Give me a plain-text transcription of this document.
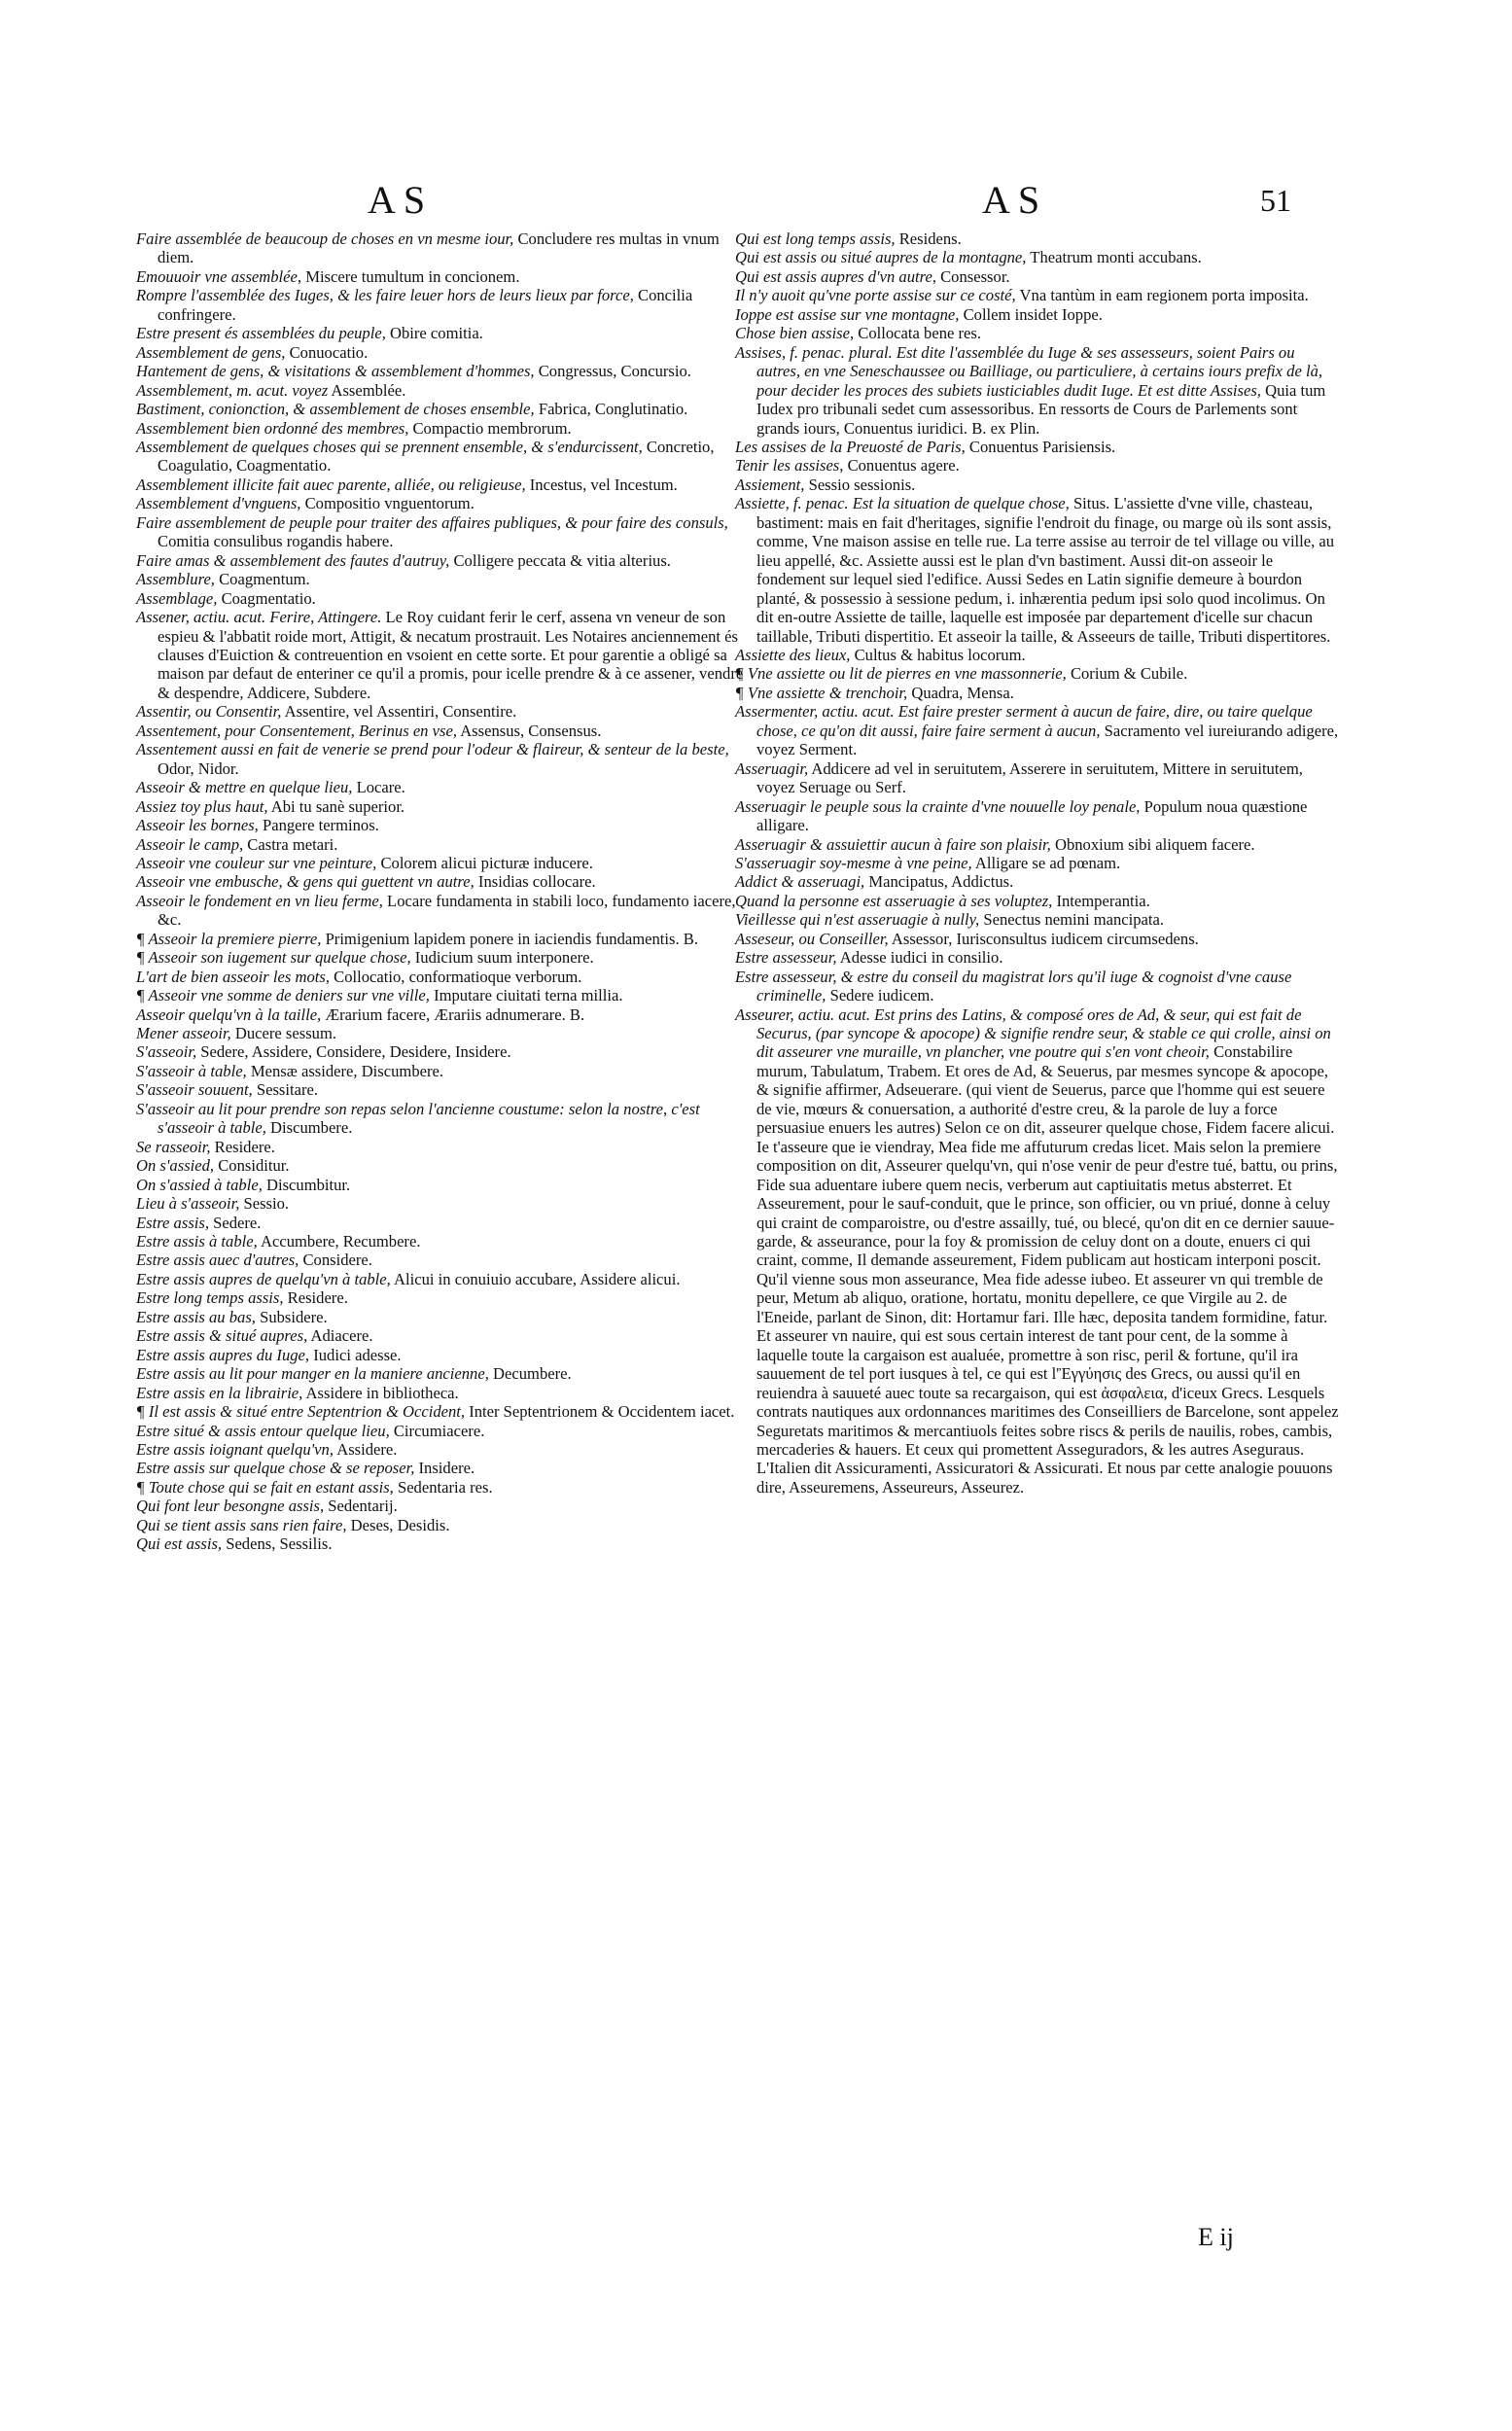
AS	AS	51

Faire assemblée de beaucoup de choses en vn mesme iour, Concludere res multas in vnum diem.

Emouuoir vne assemblée, Miscere tumultum in concionem.

Rompre l'assemblée des Iuges, & les faire leuer hors de leurs lieux par force, Concilia confringere.

Estre present és assemblées du peuple, Obire comitia.

Assemblement de gens, Conuocatio.

Hantement de gens, & visitations & assemblement d'hommes, Congressus, Concursio.

Assemblement, m. acut. voyez Assemblée.

Bastiment, conionction, & assemblement de choses ensemble, Fabrica, Conglutinatio.

Assemblement bien ordonné des membres, Compactio membrorum.

Assemblement de quelques choses qui se prennent ensemble, & s'endurcissent, Concretio, Coagulatio, Coagmentatio.

Assemblement illicite fait auec parente, alliée, ou religieuse, Incestus, vel Incestum.

Assemblement d'vnguens, Compositio vnguentorum.

Faire assemblement de peuple pour traiter des affaires publiques, & pour faire des consuls, Comitia consulibus rogandis habere.

Faire amas & assemblement des fautes d'autruy, Colligere peccata & vitia alterius.

Assemblure, Coagmentum.

Assemblage, Coagmentatio.

Assener, actiu. acut. Ferire, Attingere. Le Roy cuidant ferir le cerf, assena vn veneur de son espieu & l'abbatit roide mort, Attigit, & necatum prostrauit. Les Notaires anciennement és clauses d'Euiction & contreuention en vsoient en cette sorte. Et pour garentie a obligé sa maison par defaut de enteriner ce qu'il a promis, pour icelle prendre & à ce assener, vendre & despendre, Addicere, Subdere.

Assentir, ou Consentir, Assentire, vel Assentiri, Consentire.

Assentement, pour Consentement, Berinus en vse, Assensus, Consensus.

Assentement aussi en fait de venerie se prend pour l'odeur & flaireur, & senteur de la beste, Odor, Nidor.

Asseoir & mettre en quelque lieu, Locare.

Assiez toy plus haut, Abi tu sanè superior.

Asseoir les bornes, Pangere terminos.

Asseoir le camp, Castra metari.

Asseoir vne couleur sur vne peinture, Colorem alicui picturæ inducere.

Asseoir vne embusche, & gens qui guettent vn autre, Insidias collocare.

Asseoir le fondement en vn lieu ferme, Locare fundamenta in stabili loco, fundamento iacere, &c.

¶ Asseoir la premiere pierre, Primigenium lapidem ponere in iaciendis fundamentis. B.

¶ Asseoir son iugement sur quelque chose, Iudicium suum interponere.

L'art de bien asseoir les mots, Collocatio, conformatioque verborum.

¶ Asseoir vne somme de deniers sur vne ville, Imputare ciuitati terna millia.

Asseoir quelqu'vn à la taille, Ærarium facere, Ærariis adnumerare. B.

Mener asseoir, Ducere sessum.

S'asseoir, Sedere, Assidere, Considere, Desidere, Insidere.

S'asseoir à table, Mensæ assidere, Discumbere.

S'asseoir souuent, Sessitare.

S'asseoir au lit pour prendre son repas selon l'ancienne coustume: selon la nostre, c'est s'asseoir à table, Discumbere.

Se rasseoir, Residere.

On s'assied, Considitur.

On s'assied à table, Discumbitur.

Lieu à s'asseoir, Sessio.

Estre assis, Sedere.

Estre assis à table, Accumbere, Recumbere.

Estre assis auec d'autres, Considere.

Estre assis aupres de quelqu'vn à table, Alicui in conuiuio accubare, Assidere alicui.

Estre long temps assis, Residere.

Estre assis au bas, Subsidere.

Estre assis & situé aupres, Adiacere.

Estre assis aupres du Iuge, Iudici adesse.

Estre assis au lit pour manger en la maniere ancienne, Decumbere.

Estre assis en la librairie, Assidere in bibliotheca.

¶ Il est assis & situé entre Septentrion & Occident, Inter Septentrionem & Occidentem iacet.

Estre situé & assis entour quelque lieu, Circumiacere.

Estre assis ioignant quelqu'vn, Assidere.

Estre assis sur quelque chose & se reposer, Insidere.

¶ Toute chose qui se fait en estant assis, Sedentaria res.

Qui font leur besongne assis, Sedentarij.

Qui se tient assis sans rien faire, Deses, Desidis.

Qui est assis, Sedens, Sessilis.

Qui est long temps assis, Residens.

Qui est assis ou situé aupres de la montagne, Theatrum monti accubans.

Qui est assis aupres d'vn autre, Consessor.

Il n'y auoit qu'vne porte assise sur ce costé, Vna tantùm in eam regionem porta imposita.

Ioppe est assise sur vne montagne, Collem insidet Ioppe.

Chose bien assise, Collocata bene res.

Assises, f. penac. plural. Est dite l'assemblée du Iuge & ses assesseurs, soient Pairs ou autres, en vne Seneschaussee ou Bailliage, ou particuliere, à certains iours prefix de là, pour decider les proces des subiets iusticiables dudit Iuge. Et est ditte Assises, Quia tum Iudex pro tribunali sedet cum assessoribus. En ressorts de Cours de Parlements sont grands iours, Conuentus iuridici. B. ex Plin.

Les assises de la Preuosté de Paris, Conuentus Parisiensis.

Tenir les assises, Conuentus agere.

Assiement, Sessio sessionis.

Assiette, f. penac. Est la situation de quelque chose, Situs. L'assiette d'vne ville, chasteau, bastiment: mais en fait d'heritages, signifie l'endroit du finage, ou marge où ils sont assis, comme, Vne maison assise en telle rue. La terre assise au terroir de tel village ou ville, au lieu appellé, &c. Assiette aussi est le plan d'vn bastiment. Aussi dit-on asseoir le fondement sur lequel sied l'edifice. Aussi Sedes en Latin signifie demeure à bourdon planté, & possessio à sessione pedum, i. inhærentia pedum ipsi solo quod incolimus. On dit en-outre Assiette de taille, laquelle est imposée par departement d'icelle sur chacun taillable, Tributi dispertitio. Et asseoir la taille, & Asseeurs de taille, Tributi dispertitores.

Assiette des lieux, Cultus & habitus locorum.

¶ Vne assiette ou lit de pierres en vne massonnerie, Corium & Cubile.

¶ Vne assiette & trenchoir, Quadra, Mensa.

Assermenter, actiu. acut. Est faire prester serment à aucun de faire, dire, ou taire quelque chose, ce qu'on dit aussi, faire faire serment à aucun, Sacramento vel iureiurando adigere, voyez Serment.

Asseruagir, Addicere ad vel in seruitutem, Asserere in seruitutem, Mittere in seruitutem, voyez Seruage ou Serf.

Asseruagir le peuple sous la crainte d'vne nouuelle loy penale, Populum noua quæstione alligare.

Asseruagir & assuiettir aucun à faire son plaisir, Obnoxium sibi aliquem facere.

S'asseruagir soy-mesme à vne peine, Alligare se ad pœnam.

Addict & asseruagi, Mancipatus, Addictus.

Quand la personne est asseruagie à ses voluptez, Intemperantia.

Vieillesse qui n'est asseruagie à nully, Senectus nemini mancipata.

Asseseur, ou Conseiller, Assessor, Iurisconsultus iudicem circumsedens.

Estre assesseur, Adesse iudici in consilio.

Estre assesseur, & estre du conseil du magistrat lors qu'il iuge & cognoist d'vne cause criminelle, Sedere iudicem.

Asseurer, actiu. acut. Est prins des Latins, & composé ores de Ad, & seur, qui est fait de Securus, (par syncope & apocope) & signifie rendre seur, & stable ce qui crolle, ainsi on dit asseurer vne muraille, vn plancher, vne poutre qui s'en vont cheoir, Constabilire murum, Tabulatum, Trabem. Et ores de Ad, & Seuerus, par mesmes syncope & apocope, & signifie affirmer, Adseuerare. (qui vient de Seuerus, parce que l'homme qui est seuere de vie, mœurs & conuersation, a authorité d'estre creu, & la parole de luy a force persuasiue enuers les autres) Selon ce on dit, asseurer quelque chose, Fidem facere alicui. Ie t'asseure que ie viendray, Mea fide me affuturum credas licet. Mais selon la premiere composition on dit, Asseurer quelqu'vn, qui n'ose venir de peur d'estre tué, battu, ou prins, Fide sua aduentare iubere quem necis, verberum aut captiuitatis metus absterret. Et Asseurement, pour le sauf-conduit, que le prince, son officier, ou vn priué, donne à celuy qui craint de comparoistre, ou d'estre assailly, tué, ou blecé, qu'on dit en ce dernier sauue-garde, & asseurance, pour la foy & promission de celuy dont on a doute, enuers ci qui craint, comme, Il demande asseurement, Fidem publicam aut hosticam interponi poscit. Qu'il vienne sous mon asseurance, Mea fide adesse iubeo. Et asseurer vn qui tremble de peur, Metum ab aliquo, oratione, hortatu, monitu depellere, ce que Virgile au 2. de l'Eneide, parlant de Sinon, dit: Hortamur fari. Ille hæc, deposita tandem formidine, fatur. Et asseurer vn nauire, qui est sous certain interest de tant pour cent, de la somme à laquelle toute la cargaison est aualuée, promettre à son risc, peril & fortune, qu'il ira sauuement de tel port iusques à tel, ce qui est l'Ἐγγύησις des Grecs, ou aussi qu'il en reuiendra à sauueté auec toute sa recargaison, qui est ἀσφαλεια, d'iceux Grecs. Lesquels contrats nautiques aux ordonnances maritimes des Conseilliers de Barcelone, sont appelez Seguretats maritimos & mercantiuols feites sobre riscs & perils de nauilis, robes, cambis, mercaderies & hauers. Et ceux qui promettent Asseguradors, & les autres Aseguraus. L'Italien dit Assicuramenti, Assicuratori & Assicurati. Et nous par cette analogie pouuons dire, Asseuremens, Asseureurs, Asseurez.

E ij
